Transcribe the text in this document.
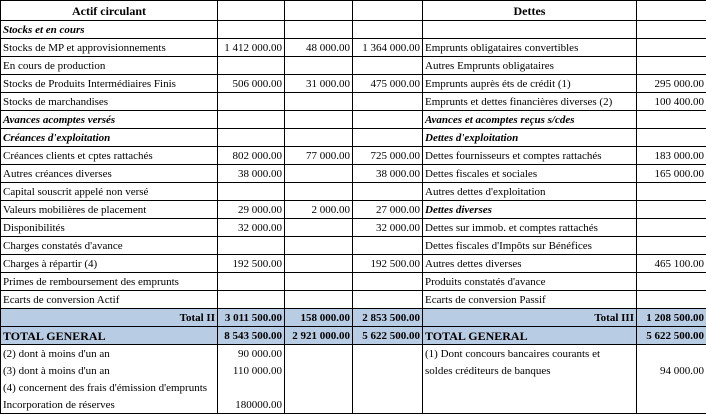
Actif circulant				Dettes	
Stocks et en cours					
Stocks de MP et approvisionnements	1 412 000.00	48 000.00	1 364 000.00	Emprunts obligataires convertibles	
En cours de production				Autres Emprunts obligataires	
Stocks de Produits Intermédiaires Finis	506 000.00	31 000.00	475 000.00	Emprunts auprès éts de crédit (1)	295 000.00
Stocks de marchandises				Emprunts et dettes financières diverses (2)	100 400.00
Avances acomptes versés				Avances et acomptes reçus s/cdes	
Créances d'exploitation				Dettes d'exploitation	
Créances clients et cptes rattachés	802 000.00	77 000.00	725 000.00	Dettes fournisseurs et comptes rattachés	183 000.00
Autres créances diverses	38 000.00		38 000.00	Dettes fiscales et sociales	165 000.00
Capital souscrit appelé non versé				Autres dettes d'exploitation	
Valeurs mobilières de placement	29 000.00	2 000.00	27 000.00	Dettes diverses	
Disponibilités	32 000.00		32 000.00	Dettes sur immob. et comptes rattachés	
Charges constatés d'avance				Dettes fiscales d'Impôts sur Bénéfices	
Charges à répartir (4)	192 500.00		192 500.00	Autres dettes diverses	465 100.00
Primes de remboursement des emprunts				Produits constatés d'avance	
Ecarts de conversion Actif				Ecarts de conversion Passif	
Total II	3 011 500.00	158 000.00	2 853 500.00	Total III	1 208 500.00
TOTAL GENERAL	8 543 500.00	2 921 000.00	5 622 500.00	TOTAL GENERAL	5 622 500.00
(2) dont à moins d'un an	90 000.00			(1) Dont concours bancaires courants et	
(3) dont à moins d'un an	110 000.00			soldes créditeurs de banques	94 000.00
(4) concernent des frais d'émission d'emprunts					
Incorporation de réserves	180000.00				
